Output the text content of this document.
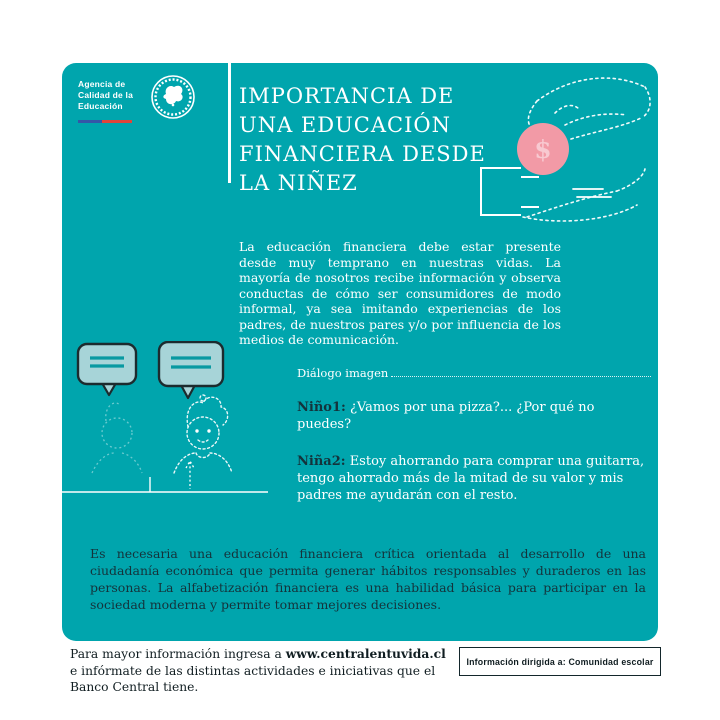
Agencia de
Calidad de la
Educación	IMPORTANCIA DE
UNA EDUCACIÓN
FINANCIERA DESDE
LA NIÑEZ
$

La educación financiera debe estar presente desde muy temprano en nuestras vidas. La mayoría de nosotros recibe información y observa conductas de cómo ser consumidores de modo informal, ya sea imitando experiencias de los padres, de nuestros pares y/o por influencia de los medios de comunicación.

Diálogo imagen

Niño1: ¿Vamos por una pizza?... ¿Por qué no puedes?

Niña2: Estoy ahorrando para comprar una guitarra, tengo ahorrado más de la mitad de su valor y mis padres me ayudarán con el resto.

Es necesaria una educación financiera crítica orientada al desarrollo de una ciudadanía económica que permita generar hábitos responsables y duraderos en las personas. La alfabetización financiera es una habilidad básica para participar en la sociedad moderna y permite tomar mejores decisiones.

Para mayor información ingresa a www.centralentuvida.cl
e infórmate de las distintas actividades e iniciativas que el Banco Central tiene.
Información dirigida a: Comunidad escolar
